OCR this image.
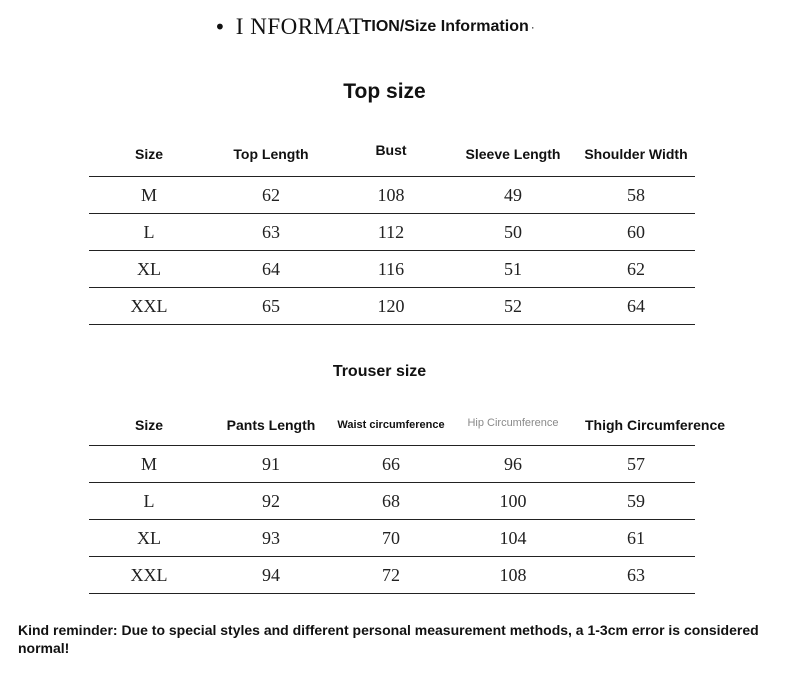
• I NFORMAT
TION/Size Information ·
Top size
Size	Top Length	Bust	Sleeve Length	Shoulder Width
M	62	108	49	58
L	63	112	50	60
XL	64	116	51	62
XXL	65	120	52	64
Trouser size
Size	Pants Length	Waist circumference	Hip Circumference	Thigh Circumference
M	91	66	96	57
L	92	68	100	59
XL	93	70	104	61
XXL	94	72	108	63
Kind reminder: Due to special styles and different personal measurement methods, a 1-3cm error is considered normal!
